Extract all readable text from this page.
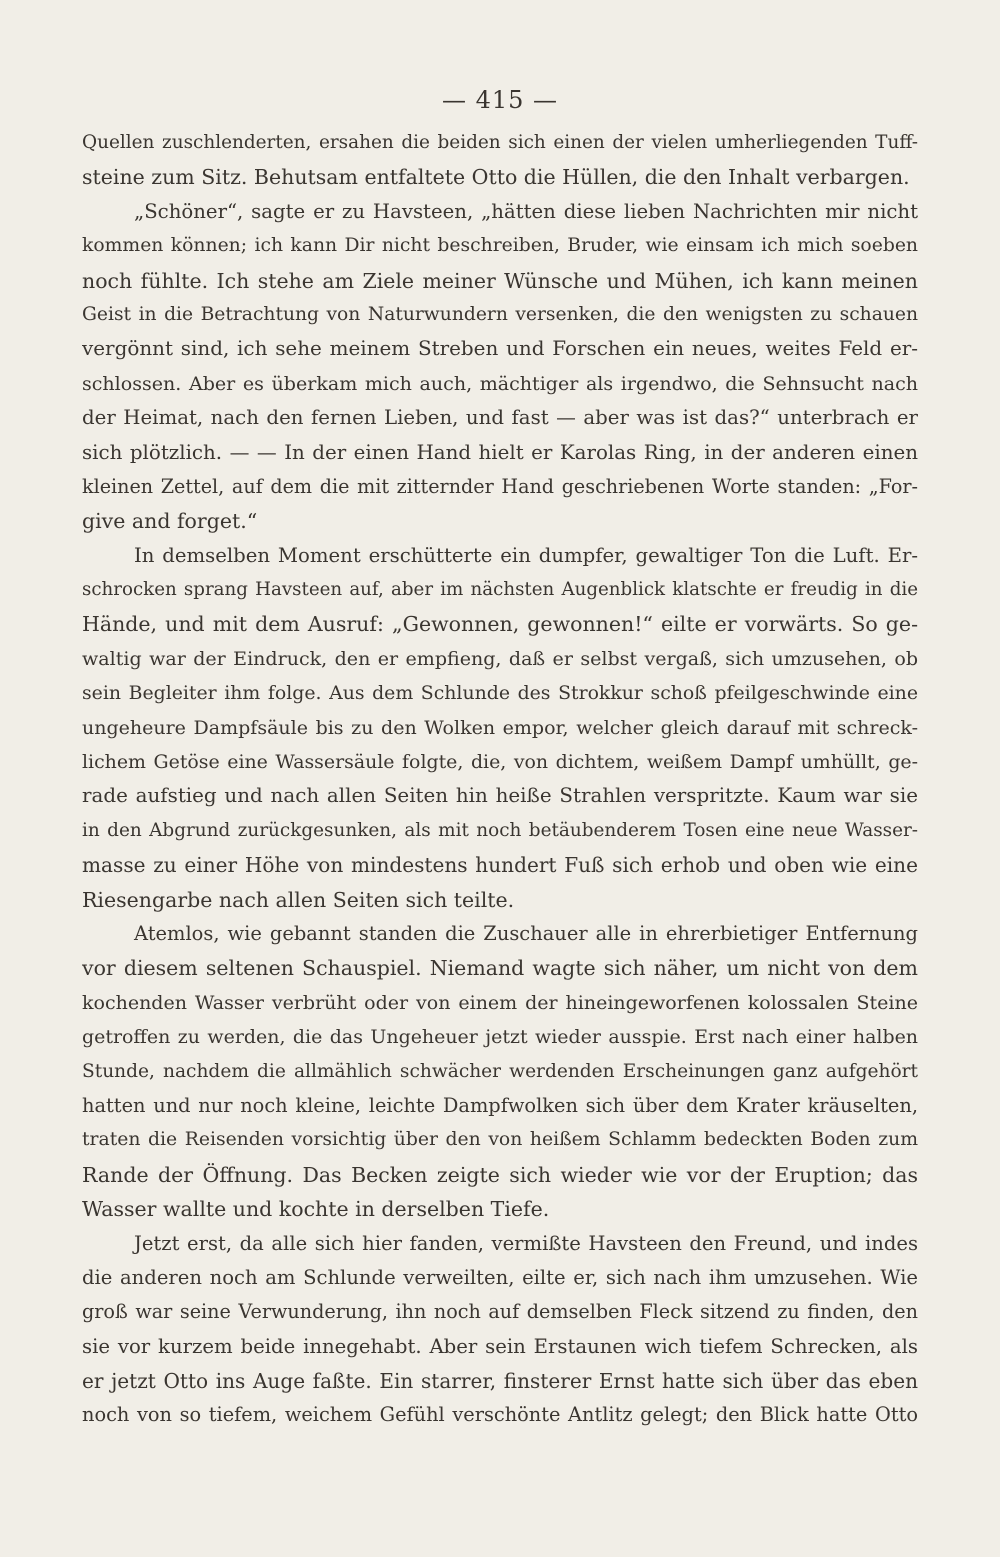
— 415 —
Quellen zuschlenderten, ersahen die beiden sich einen der vielen umherliegenden Tuff-
steine zum Sitz. Behutsam entfaltete Otto die Hüllen, die den Inhalt verbargen.
„Schöner“, sagte er zu Havsteen, „hätten diese lieben Nachrichten mir nicht
kommen können; ich kann Dir nicht beschreiben, Bruder, wie einsam ich mich soeben
noch fühlte. Ich stehe am Ziele meiner Wünsche und Mühen, ich kann meinen
Geist in die Betrachtung von Naturwundern versenken, die den wenigsten zu schauen
vergönnt sind, ich sehe meinem Streben und Forschen ein neues, weites Feld er-
schlossen. Aber es überkam mich auch, mächtiger als irgendwo, die Sehnsucht nach
der Heimat, nach den fernen Lieben, und fast — aber was ist das?“ unterbrach er
sich plötzlich. — — In der einen Hand hielt er Karolas Ring, in der anderen einen
kleinen Zettel, auf dem die mit zitternder Hand geschriebenen Worte standen: „For-
give and forget.“
In demselben Moment erschütterte ein dumpfer, gewaltiger Ton die Luft. Er-
schrocken sprang Havsteen auf, aber im nächsten Augenblick klatschte er freudig in die
Hände, und mit dem Ausruf: „Gewonnen, gewonnen!“ eilte er vorwärts. So ge-
waltig war der Eindruck, den er empfieng, daß er selbst vergaß, sich umzusehen, ob
sein Begleiter ihm folge. Aus dem Schlunde des Strokkur schoß pfeilgeschwinde eine
ungeheure Dampfsäule bis zu den Wolken empor, welcher gleich darauf mit schreck-
lichem Getöse eine Wassersäule folgte, die, von dichtem, weißem Dampf umhüllt, ge-
rade aufstieg und nach allen Seiten hin heiße Strahlen verspritzte. Kaum war sie
in den Abgrund zurückgesunken, als mit noch betäubenderem Tosen eine neue Wasser-
masse zu einer Höhe von mindestens hundert Fuß sich erhob und oben wie eine
Riesengarbe nach allen Seiten sich teilte.
Atemlos, wie gebannt standen die Zuschauer alle in ehrerbietiger Entfernung
vor diesem seltenen Schauspiel. Niemand wagte sich näher, um nicht von dem
kochenden Wasser verbrüht oder von einem der hineingeworfenen kolossalen Steine
getroffen zu werden, die das Ungeheuer jetzt wieder ausspie. Erst nach einer halben
Stunde, nachdem die allmählich schwächer werdenden Erscheinungen ganz aufgehört
hatten und nur noch kleine, leichte Dampfwolken sich über dem Krater kräuselten,
traten die Reisenden vorsichtig über den von heißem Schlamm bedeckten Boden zum
Rande der Öffnung. Das Becken zeigte sich wieder wie vor der Eruption; das
Wasser wallte und kochte in derselben Tiefe.
Jetzt erst, da alle sich hier fanden, vermißte Havsteen den Freund, und indes
die anderen noch am Schlunde verweilten, eilte er, sich nach ihm umzusehen. Wie
groß war seine Verwunderung, ihn noch auf demselben Fleck sitzend zu finden, den
sie vor kurzem beide innegehabt. Aber sein Erstaunen wich tiefem Schrecken, als
er jetzt Otto ins Auge faßte. Ein starrer, finsterer Ernst hatte sich über das eben
noch von so tiefem, weichem Gefühl verschönte Antlitz gelegt; den Blick hatte Otto
